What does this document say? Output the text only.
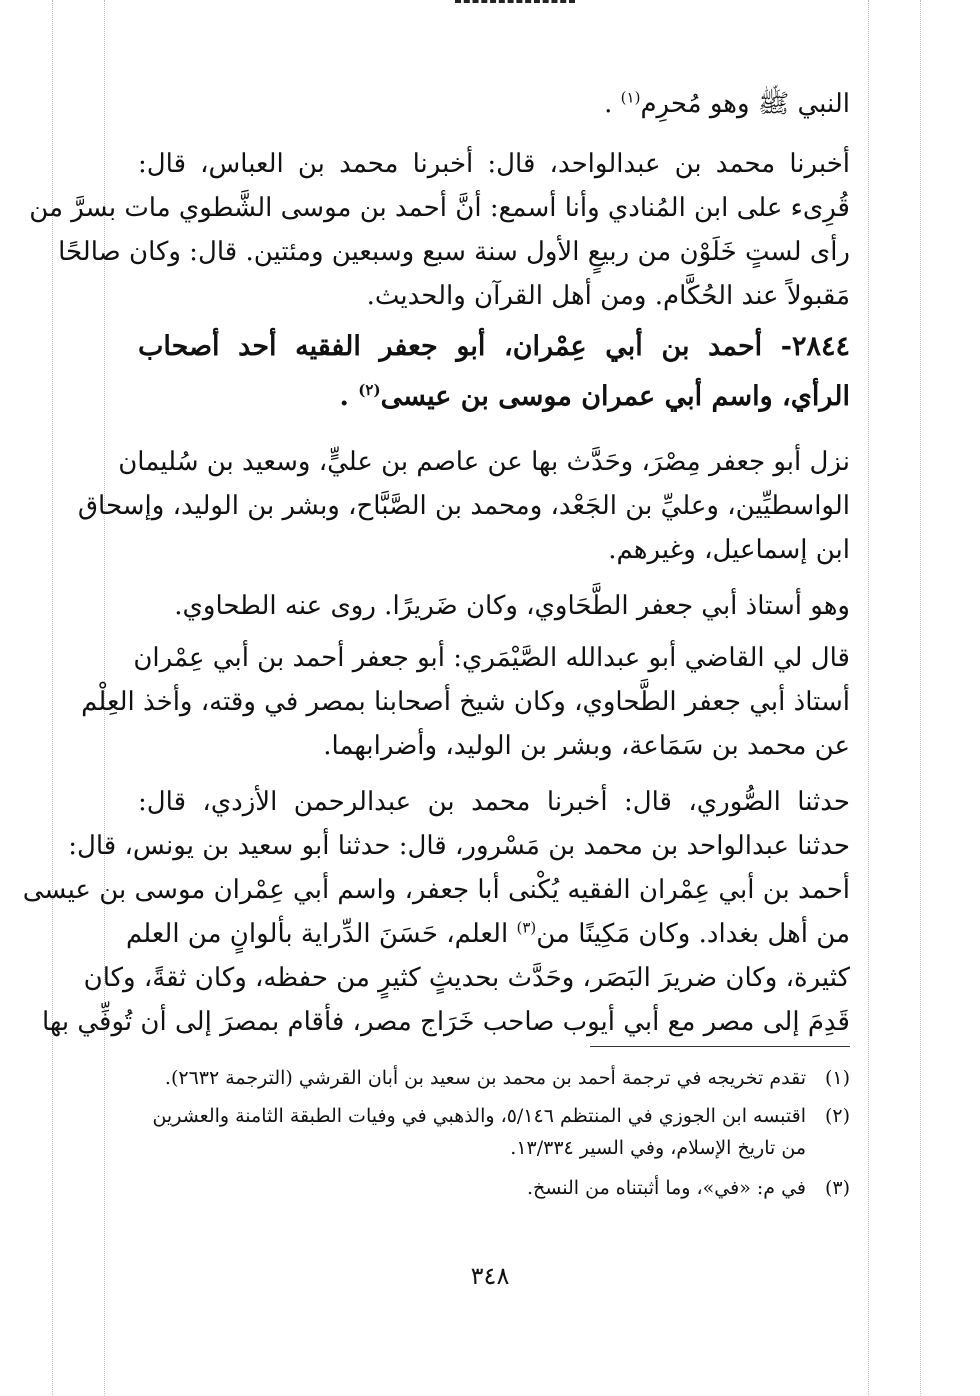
النبي ﷺ وهو مُحرِم$^{(١)}$ .
أخبرنا محمد بن عبدالواحد، قال: أخبرنا محمد بن العباس، قال:
قُرِىء على ابن المُنادي وأنا أسمع: أنَّ أحمد بن موسى الشَّطوي مات بسرَّ من
رأى لستٍ خَلَوْن من ربيعٍ الأول سنة سبع وسبعين ومئتين. قال: وكان صالحًا
مَقبولاً عند الحُكَّام. ومن أهل القرآن والحديث.
٢٨٤٤- أحمد بن أبي عِمْران، أبو جعفر الفقيه أحد أصحاب
الرأي، واسم أبي عمران موسى بن عيسى$^{(٢)}$ .
نزل أبو جعفر مِصْرَ، وحَدَّث بها عن عاصم بن عليٍّ، وسعيد بن سُليمان
الواسطيِّين، وعليِّ بن الجَعْد، ومحمد بن الصَّبَّاح، وبشر بن الوليد، وإسحاق
ابن إسماعيل، وغيرهم.
وهو أستاذ أبي جعفر الطَّحَاوي، وكان ضَريرًا. روى عنه الطحاوي.
قال لي القاضي أبو عبدالله الصَّيْمَري: أبو جعفر أحمد بن أبي عِمْران
أستاذ أبي جعفر الطَّحاوي، وكان شيخ أصحابنا بمصر في وقته، وأخذ العِلْم
عن محمد بن سَمَاعة، وبشر بن الوليد، وأضرابهما.
حدثنا الصُّوري، قال: أخبرنا محمد بن عبدالرحمن الأزدي، قال:
حدثنا عبدالواحد بن محمد بن مَسْرور، قال: حدثنا أبو سعيد بن يونس، قال:
أحمد بن أبي عِمْران الفقيه يُكْنى أبا جعفر، واسم أبي عِمْران موسى بن عيسى
من أهل بغداد. وكان مَكِينًا من$^{(٣)}$ العلم، حَسَنَ الدِّراية بألوانٍ من العلم
كثيرة، وكان ضريرَ البَصَر، وحَدَّث بحديثٍ كثيرٍ من حفظه، وكان ثقةً، وكان
قَدِمَ إلى مصر مع أبي أيوب صاحب خَرَاج مصر، فأقام بمصرَ إلى أن تُوفِّي بها
(١)تقدم تخريجه في ترجمة أحمد بن محمد بن سعيد بن أبان القرشي (الترجمة ٢٦٣٢).
(٢)اقتبسه ابن الجوزي في المنتظم ٥/١٤٦، والذهبي في وفيات الطبقة الثامنة والعشرين
من تاريخ الإسلام، وفي السير ١٣/٣٣٤.
(٣)في م: «في»، وما أثبتناه من النسخ.
٣٤٨
